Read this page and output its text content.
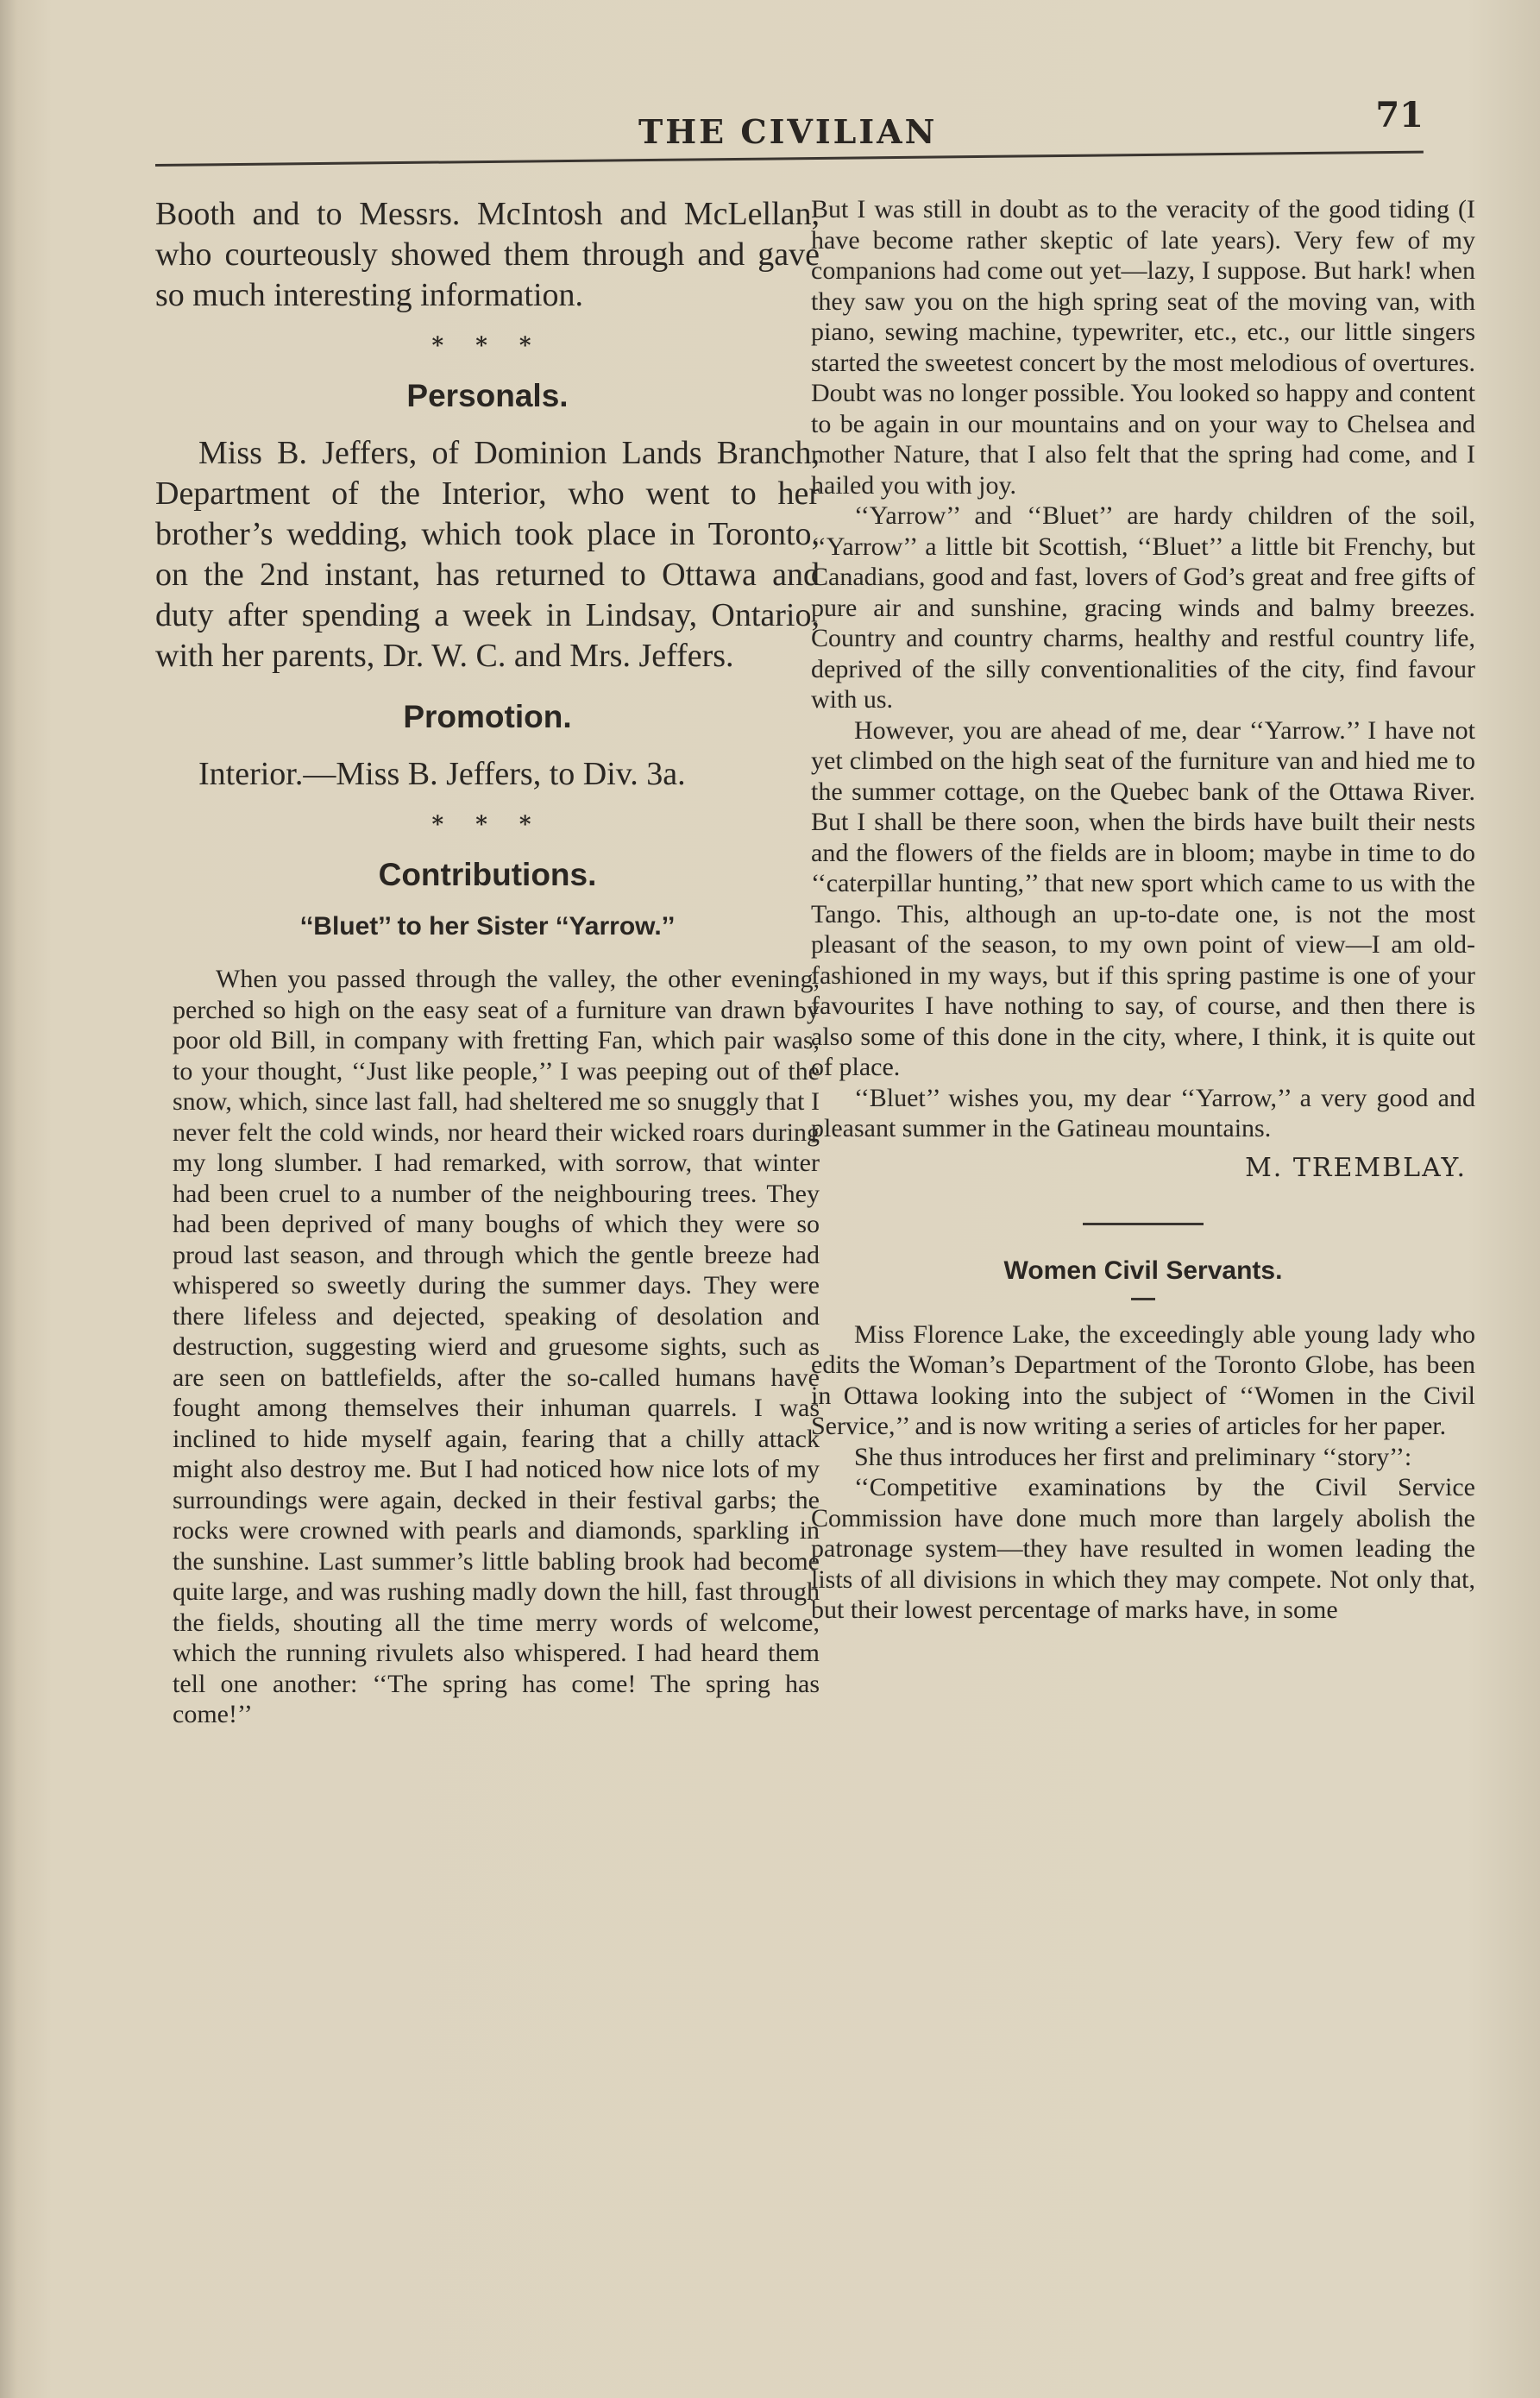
THE CIVILIAN	71

Booth and to Messrs. McIntosh and McLellan, who courteously showed them through and gave so much interesting information.

* * *
Personals.

Miss B. Jeffers, of Dominion Lands Branch, Department of the Interior, who went to her brother’s wedding, which took place in Toronto, on the 2nd instant, has returned to Ottawa and duty after spending a week in Lindsay, Ontario, with her parents, Dr. W. C. and Mrs. Jeffers.

Promotion.

Interior.—Miss B. Jeffers, to Div. 3a.

* * *
Contributions.
‘‘Bluet’’ to her Sister ‘‘Yarrow.’’

When you passed through the valley, the other evening, perched so high on the easy seat of a furniture van drawn by poor old Bill, in company with fretting Fan, which pair was, to your thought, ‘‘Just like people,’’ I was peeping out of the snow, which, since last fall, had sheltered me so snuggly that I never felt the cold winds, nor heard their wicked roars during my long slumber. I had remarked, with sorrow, that winter had been cruel to a number of the neighbouring trees. They had been deprived of many boughs of which they were so proud last season, and through which the gentle breeze had whispered so sweetly during the summer days. They were there lifeless and dejected, speaking of desolation and destruction, suggesting wierd and gruesome sights, such as are seen on battlefields, after the so-called humans have fought among themselves their inhuman quarrels. I was inclined to hide myself again, fearing that a chilly attack might also destroy me. But I had noticed how nice lots of my surroundings were again, decked in their festival garbs; the rocks were crowned with pearls and diamonds, sparkling in the sunshine. Last summer’s little babling brook had become quite large, and was rushing madly down the hill, fast through the fields, shouting all the time merry words of welcome, which the running rivulets also whispered. I had heard them tell one another: ‘‘The spring has come! The spring has come!’’

But I was still in doubt as to the veracity of the good tiding (I have become rather skeptic of late years). Very few of my companions had come out yet—lazy, I suppose. But hark! when they saw you on the high spring seat of the moving van, with piano, sewing machine, typewriter, etc., etc., our little singers started the sweetest concert by the most melodious of overtures. Doubt was no longer possible. You looked so happy and content to be again in our mountains and on your way to Chelsea and mother Nature, that I also felt that the spring had come, and I hailed you with joy.

‘‘Yarrow’’ and ‘‘Bluet’’ are hardy children of the soil, ‘‘Yarrow’’ a little bit Scottish, ‘‘Bluet’’ a little bit Frenchy, but Canadians, good and fast, lovers of God’s great and free gifts of pure air and sunshine, gracing winds and balmy breezes. Country and country charms, healthy and restful country life, deprived of the silly conventionalities of the city, find favour with us.

However, you are ahead of me, dear ‘‘Yarrow.’’ I have not yet climbed on the high seat of the furniture van and hied me to the summer cottage, on the Quebec bank of the Ottawa River. But I shall be there soon, when the birds have built their nests and the flowers of the fields are in bloom; maybe in time to do ‘‘caterpillar hunting,’’ that new sport which came to us with the Tango. This, although an up-to-date one, is not the most pleasant of the season, to my own point of view—I am old-fashioned in my ways, but if this spring pastime is one of your favourites I have nothing to say, of course, and then there is also some of this done in the city, where, I think, it is quite out of place.

‘‘Bluet’’ wishes you, my dear ‘‘Yarrow,’’ a very good and pleasant summer in the Gatineau mountains.

M. TREMBLAY.
Women Civil Servants.

Miss Florence Lake, the exceedingly able young lady who edits the Woman’s Department of the Toronto Globe, has been in Ottawa looking into the subject of ‘‘Women in the Civil Service,’’ and is now writing a series of articles for her paper.

She thus introduces her first and preliminary ‘‘story’’:

‘‘Competitive examinations by the Civil Service Commission have done much more than largely abolish the patronage system—they have resulted in women leading the lists of all divisions in which they may compete. Not only that, but their lowest percentage of marks have, in some
